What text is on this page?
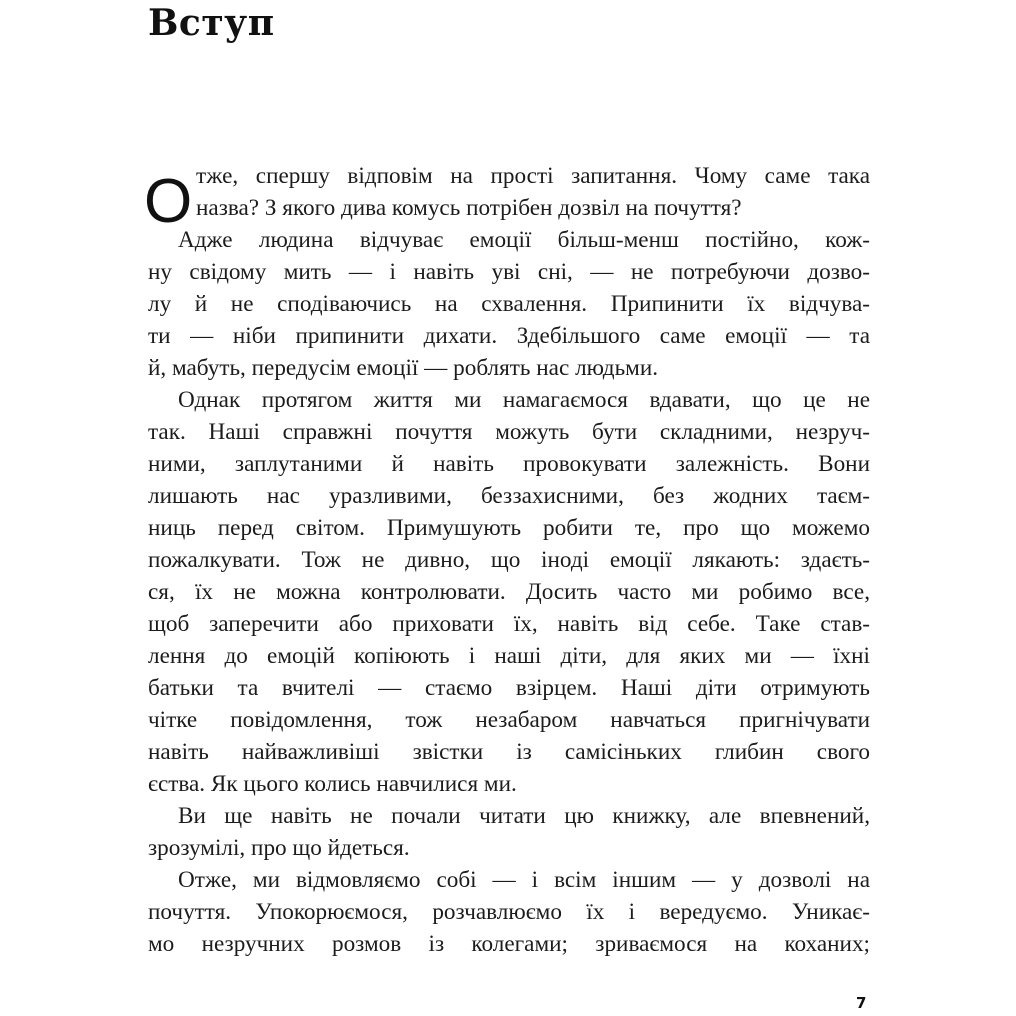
Вступ
О тже, спершу відповім на прості запитання. Чому саме така
назва? З якого дива комусь потрібен дозвіл на почуття?
Адже людина відчуває емоції більш-менш постійно, кож-
ну свідому мить — і навіть уві сні, — не потребуючи дозво-
лу й не сподіваючись на схвалення. Припинити їх відчува-
ти — ніби припинити дихати. Здебільшого саме емоції — та
й, мабуть, передусім емоції — роблять нас людьми.
Однак протягом життя ми намагаємося вдавати, що це не
так. Наші справжні почуття можуть бути складними, незруч-
ними, заплутаними й навіть провокувати залежність. Вони
лишають нас уразливими, беззахисними, без жодних таєм-
ниць перед світом. Примушують робити те, про що можемо
пожалкувати. Тож не дивно, що іноді емоції лякають: здаєть-
ся, їх не можна контролювати. Досить часто ми робимо все,
щоб заперечити або приховати їх, навіть від себе. Таке став-
лення до емоцій копіюють і наші діти, для яких ми — їхні
батьки та вчителі — стаємо взірцем. Наші діти отримують
чітке повідомлення, тож незабаром навчаться пригнічувати
навіть найважливіші звістки із самісіньких глибин свого
єства. Як цього колись навчилися ми.
Ви ще навіть не почали читати цю книжку, але впевнений,
зрозумілі, про що йдеться.
Отже, ми відмовляємо собі — і всім іншим — у дозволі на
почуття. Упокорюємося, розчавлюємо їх і вередуємо. Уникає-
мо незручних розмов із колегами; зриваємося на коханих;
7
